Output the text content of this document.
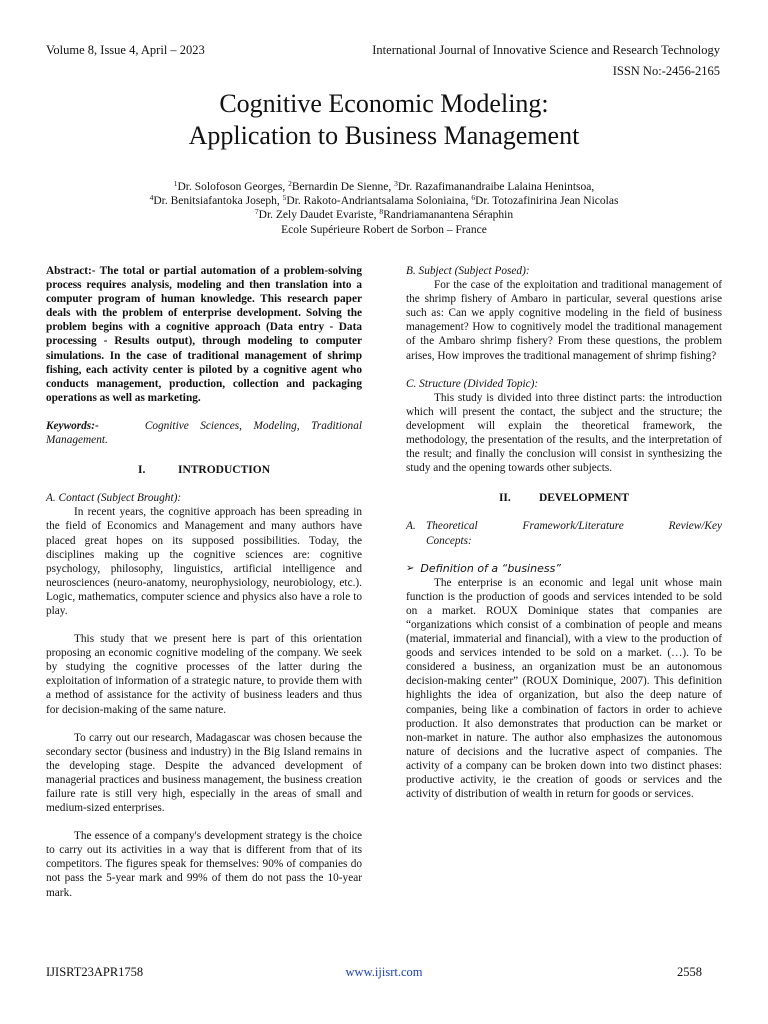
Volume 8, Issue 4, April – 2023	International Journal of Innovative Science and Research Technology
ISSN No:-2456-2165
Cognitive Economic Modeling:
Application to Business Management
$^1$Dr. Solofoson Georges, $^2$Bernardin De Sienne, $^3$Dr. Razafimanandraibe Lalaina Henintsoa,
$^4$Dr. Benitsiafantoka Joseph, $^5$Dr. Rakoto-Andriantsalama Soloniaina, $^6$Dr. Totozafinirina Jean Nicolas
$^7$Dr. Zely Daudet Evariste, $^8$Randriamanantena Séraphin
Ecole Supérieure Robert de Sorbon – France

Abstract:- The total or partial automation of a problem-solving process requires analysis, modeling and then translation into a computer program of human knowledge. This research paper deals with the problem of enterprise development. Solving the problem begins with a cognitive approach (Data entry - Data processing - Results output), through modeling to computer simulations. In the case of traditional management of shrimp fishing, each activity center is piloted by a cognitive agent who conducts management, production, collection and packaging operations as well as marketing.

Keywords:-	Cognitive Sciences, Modeling, Traditional Management.

I.	INTRODUCTION

A. Contact (Subject Brought):

In recent years, the cognitive approach has been spreading in the field of Economics and Management and many authors have placed great hopes on its supposed possibilities. Today, the disciplines making up the cognitive sciences are: cognitive psychology, philosophy, linguistics, artificial intelligence and neurosciences (neuro-anatomy, neurophysiology, neurobiology, etc.). Logic, mathematics, computer science and physics also have a role to play.

This study that we present here is part of this orientation proposing an economic cognitive modeling of the company. We seek by studying the cognitive processes of the latter during the exploitation of information of a strategic nature, to provide them with a method of assistance for the activity of business leaders and thus for decision-making of the same nature.

To carry out our research, Madagascar was chosen because the secondary sector (business and industry) in the Big Island remains in the developing stage. Despite the advanced development of managerial practices and business management, the business creation failure rate is still very high, especially in the areas of small and medium-sized enterprises.

The essence of a company's development strategy is the choice to carry out its activities in a way that is different from that of its competitors. The figures speak for themselves: 90% of companies do not pass the 5-year mark and 99% of them do not pass the 10-year mark.

B. Subject (Subject Posed):

For the case of the exploitation and traditional management of the shrimp fishery of Ambaro in particular, several questions arise such as: Can we apply cognitive modeling in the field of business management? How to cognitively model the traditional management of the Ambaro shrimp fishery? From these questions, the problem arises, How improves the traditional management of shrimp fishing?

C. Structure (Divided Topic):

This study is divided into three distinct parts: the introduction which will present the contact, the subject and the structure; the development will explain the theoretical framework, the methodology, the presentation of the results, and the interpretation of the result; and finally the conclusion will consist in synthesizing the study and the opening towards other subjects.

II. DEVELOPMENT
A. Theoretical	Framework/Literature	Review/Key

Concepts:

➢ Definition of a “business”

The enterprise is an economic and legal unit whose main function is the production of goods and services intended to be sold on a market. ROUX Dominique states that companies are “organizations which consist of a combination of people and means (material, immaterial and financial), with a view to the production of goods and services intended to be sold on a market. (…). To be considered a business, an organization must be an autonomous decision-making center” (ROUX Dominique, 2007). This definition highlights the idea of organization, but also the deep nature of companies, being like a combination of factors in order to achieve production. It also demonstrates that production can be market or non-market in nature. The author also emphasizes the autonomous nature of decisions and the lucrative aspect of companies. The activity of a company can be broken down into two distinct phases: productive activity, ie the creation of goods or services and the activity of distribution of wealth in return for goods or services.

IJISRT23APR1758	www.ijisrt.com	2558
